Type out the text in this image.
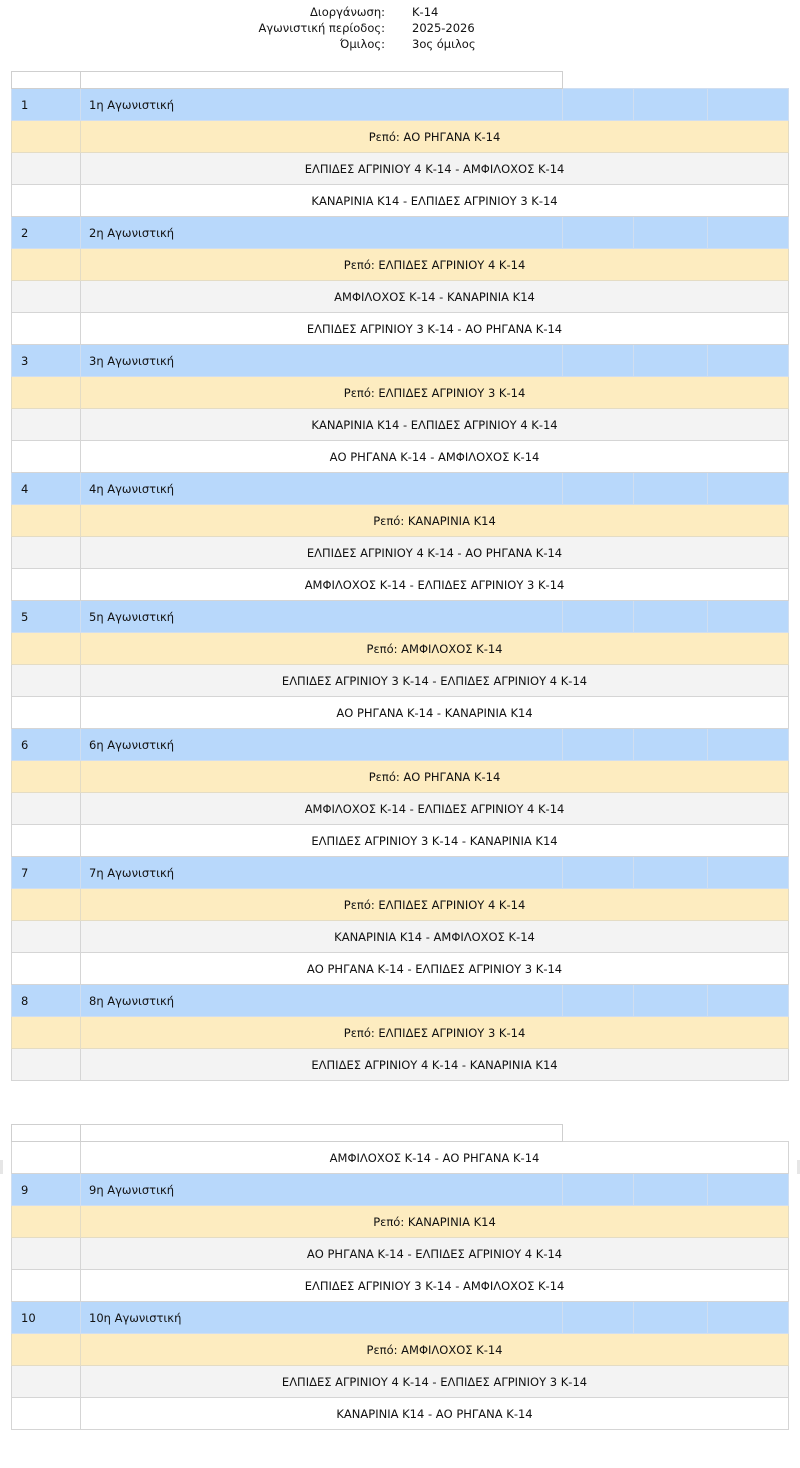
Διοργάνωση: Κ-14
Αγωνιστική περίοδος: 2025-2026
Όμιλος: 3ος όμιλος

1	1η Αγωνιστική			
	Ρεπό: ΑΟ ΡΗΓΑΝΑ Κ-14			
	ΕΛΠΙΔΕΣ ΑΓΡΙΝΙΟΥ 4 Κ-14 - ΑΜΦΙΛΟΧΟΣ Κ-14			
	ΚΑΝΑΡΙΝΙΑ Κ14 - ΕΛΠΙΔΕΣ ΑΓΡΙΝΙΟΥ 3 Κ-14			
2	2η Αγωνιστική			
	Ρεπό: ΕΛΠΙΔΕΣ ΑΓΡΙΝΙΟΥ 4 Κ-14			
	ΑΜΦΙΛΟΧΟΣ Κ-14 - ΚΑΝΑΡΙΝΙΑ Κ14			
	ΕΛΠΙΔΕΣ ΑΓΡΙΝΙΟΥ 3 Κ-14 - ΑΟ ΡΗΓΑΝΑ Κ-14			
3	3η Αγωνιστική			
	Ρεπό: ΕΛΠΙΔΕΣ ΑΓΡΙΝΙΟΥ 3 Κ-14			
	ΚΑΝΑΡΙΝΙΑ Κ14 - ΕΛΠΙΔΕΣ ΑΓΡΙΝΙΟΥ 4 Κ-14			
	ΑΟ ΡΗΓΑΝΑ Κ-14 - ΑΜΦΙΛΟΧΟΣ Κ-14			
4	4η Αγωνιστική			
	Ρεπό: ΚΑΝΑΡΙΝΙΑ Κ14			
	ΕΛΠΙΔΕΣ ΑΓΡΙΝΙΟΥ 4 Κ-14 - ΑΟ ΡΗΓΑΝΑ Κ-14			
	ΑΜΦΙΛΟΧΟΣ Κ-14 - ΕΛΠΙΔΕΣ ΑΓΡΙΝΙΟΥ 3 Κ-14			
5	5η Αγωνιστική			
	Ρεπό: ΑΜΦΙΛΟΧΟΣ Κ-14			
	ΕΛΠΙΔΕΣ ΑΓΡΙΝΙΟΥ 3 Κ-14 - ΕΛΠΙΔΕΣ ΑΓΡΙΝΙΟΥ 4 Κ-14			
	ΑΟ ΡΗΓΑΝΑ Κ-14 - ΚΑΝΑΡΙΝΙΑ Κ14			
6	6η Αγωνιστική			
	Ρεπό: ΑΟ ΡΗΓΑΝΑ Κ-14			
	ΑΜΦΙΛΟΧΟΣ Κ-14 - ΕΛΠΙΔΕΣ ΑΓΡΙΝΙΟΥ 4 Κ-14			
	ΕΛΠΙΔΕΣ ΑΓΡΙΝΙΟΥ 3 Κ-14 - ΚΑΝΑΡΙΝΙΑ Κ14			
7	7η Αγωνιστική			
	Ρεπό: ΕΛΠΙΔΕΣ ΑΓΡΙΝΙΟΥ 4 Κ-14			
	ΚΑΝΑΡΙΝΙΑ Κ14 - ΑΜΦΙΛΟΧΟΣ Κ-14			
	ΑΟ ΡΗΓΑΝΑ Κ-14 - ΕΛΠΙΔΕΣ ΑΓΡΙΝΙΟΥ 3 Κ-14			
8	8η Αγωνιστική			
	Ρεπό: ΕΛΠΙΔΕΣ ΑΓΡΙΝΙΟΥ 3 Κ-14			
	ΕΛΠΙΔΕΣ ΑΓΡΙΝΙΟΥ 4 Κ-14 - ΚΑΝΑΡΙΝΙΑ Κ14			

	ΑΜΦΙΛΟΧΟΣ Κ-14 - ΑΟ ΡΗΓΑΝΑ Κ-14			
9	9η Αγωνιστική			
	Ρεπό: ΚΑΝΑΡΙΝΙΑ Κ14			
	ΑΟ ΡΗΓΑΝΑ Κ-14 - ΕΛΠΙΔΕΣ ΑΓΡΙΝΙΟΥ 4 Κ-14			
	ΕΛΠΙΔΕΣ ΑΓΡΙΝΙΟΥ 3 Κ-14 - ΑΜΦΙΛΟΧΟΣ Κ-14			
10	10η Αγωνιστική			
	Ρεπό: ΑΜΦΙΛΟΧΟΣ Κ-14			
	ΕΛΠΙΔΕΣ ΑΓΡΙΝΙΟΥ 4 Κ-14 - ΕΛΠΙΔΕΣ ΑΓΡΙΝΙΟΥ 3 Κ-14			
	ΚΑΝΑΡΙΝΙΑ Κ14 - ΑΟ ΡΗΓΑΝΑ Κ-14			
